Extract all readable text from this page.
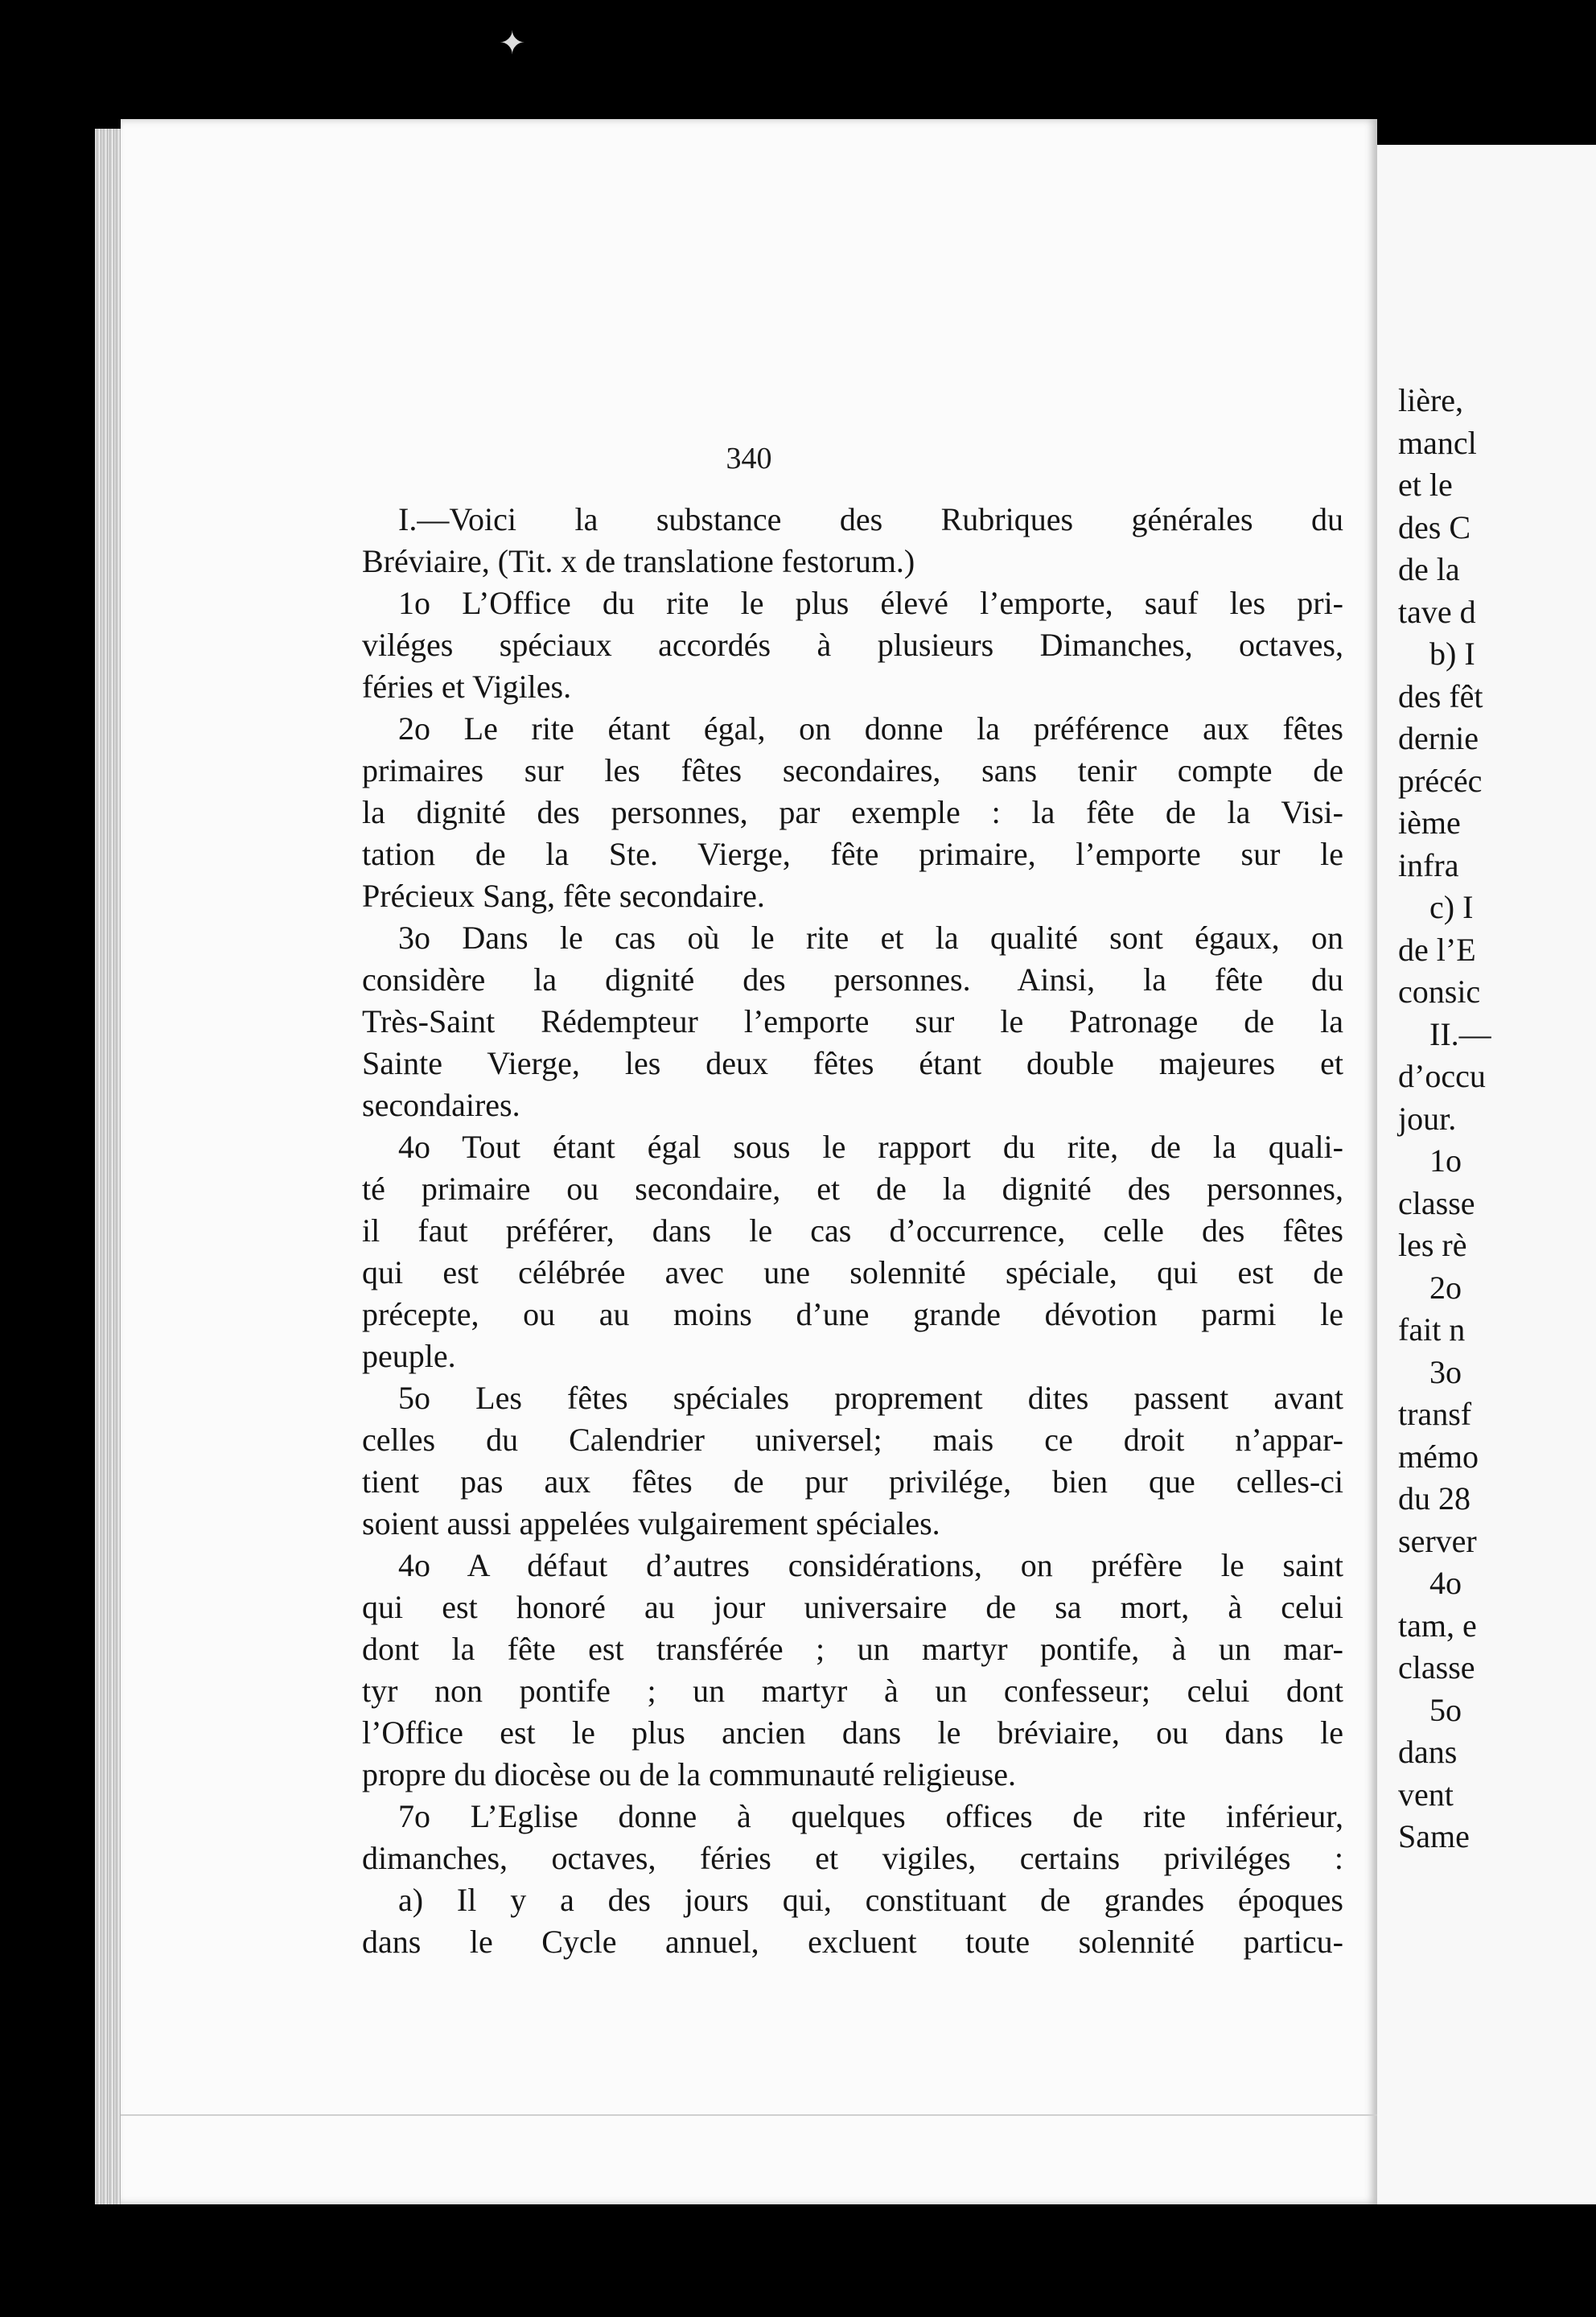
✦

340

I.—Voici la substance des Rubriques générales du
Bréviaire, (Tit. x de translatione festorum.)
1o L’Office du rite le plus élevé l’emporte, sauf les pri-
viléges spéciaux accordés à plusieurs Dimanches, octaves,
féries et Vigiles.
2o Le rite étant égal, on donne la préférence aux fêtes
primaires sur les fêtes secondaires, sans tenir compte de
la dignité des personnes, par exemple : la fête de la Visi-
tation de la Ste. Vierge, fête primaire, l’emporte sur le
Précieux Sang, fête secondaire.
3o Dans le cas où le rite et la qualité sont égaux, on
considère la dignité des personnes. Ainsi, la fête du
Très-Saint Rédempteur l’emporte sur le Patronage de la
Sainte Vierge, les deux fêtes étant double majeures et
secondaires.
4o Tout étant égal sous le rapport du rite, de la quali-
té primaire ou secondaire, et de la dignité des personnes,
il faut préférer, dans le cas d’occurrence, celle des fêtes
qui est célébrée avec une solennité spéciale, qui est de
précepte, ou au moins d’une grande dévotion parmi le
peuple.
5o Les fêtes spéciales proprement dites passent avant
celles du Calendrier universel; mais ce droit n’appar-
tient pas aux fêtes de pur privilége, bien que celles-ci
soient aussi appelées vulgairement spéciales.
4o A défaut d’autres considérations, on préfère le saint
qui est honoré au jour universaire de sa mort, à celui
dont la fête est transférée ; un martyr pontife, à un mar-
tyr non pontife ; un martyr à un confesseur; celui dont
l’Office est le plus ancien dans le bréviaire, ou dans le
propre du diocèse ou de la communauté religieuse.
7o L’Eglise donne à quelques offices de rite inférieur,
dimanches, octaves, féries et vigiles, certains priviléges :
a) Il y a des jours qui, constituant de grandes époques
dans le Cycle annuel, excluent toute solennité particu-
lière,
mancl
et le
des C
de la
tave d
b) I
des fêt
dernie
précéc
ième
infra
c) I
de l’E
consic
II.—
d’occu
jour.
1o
classe
les rè
2o
fait n
3o
transf
mémo
du 28
server
4o
tam, e
classe
5o
dans
vent
Same
